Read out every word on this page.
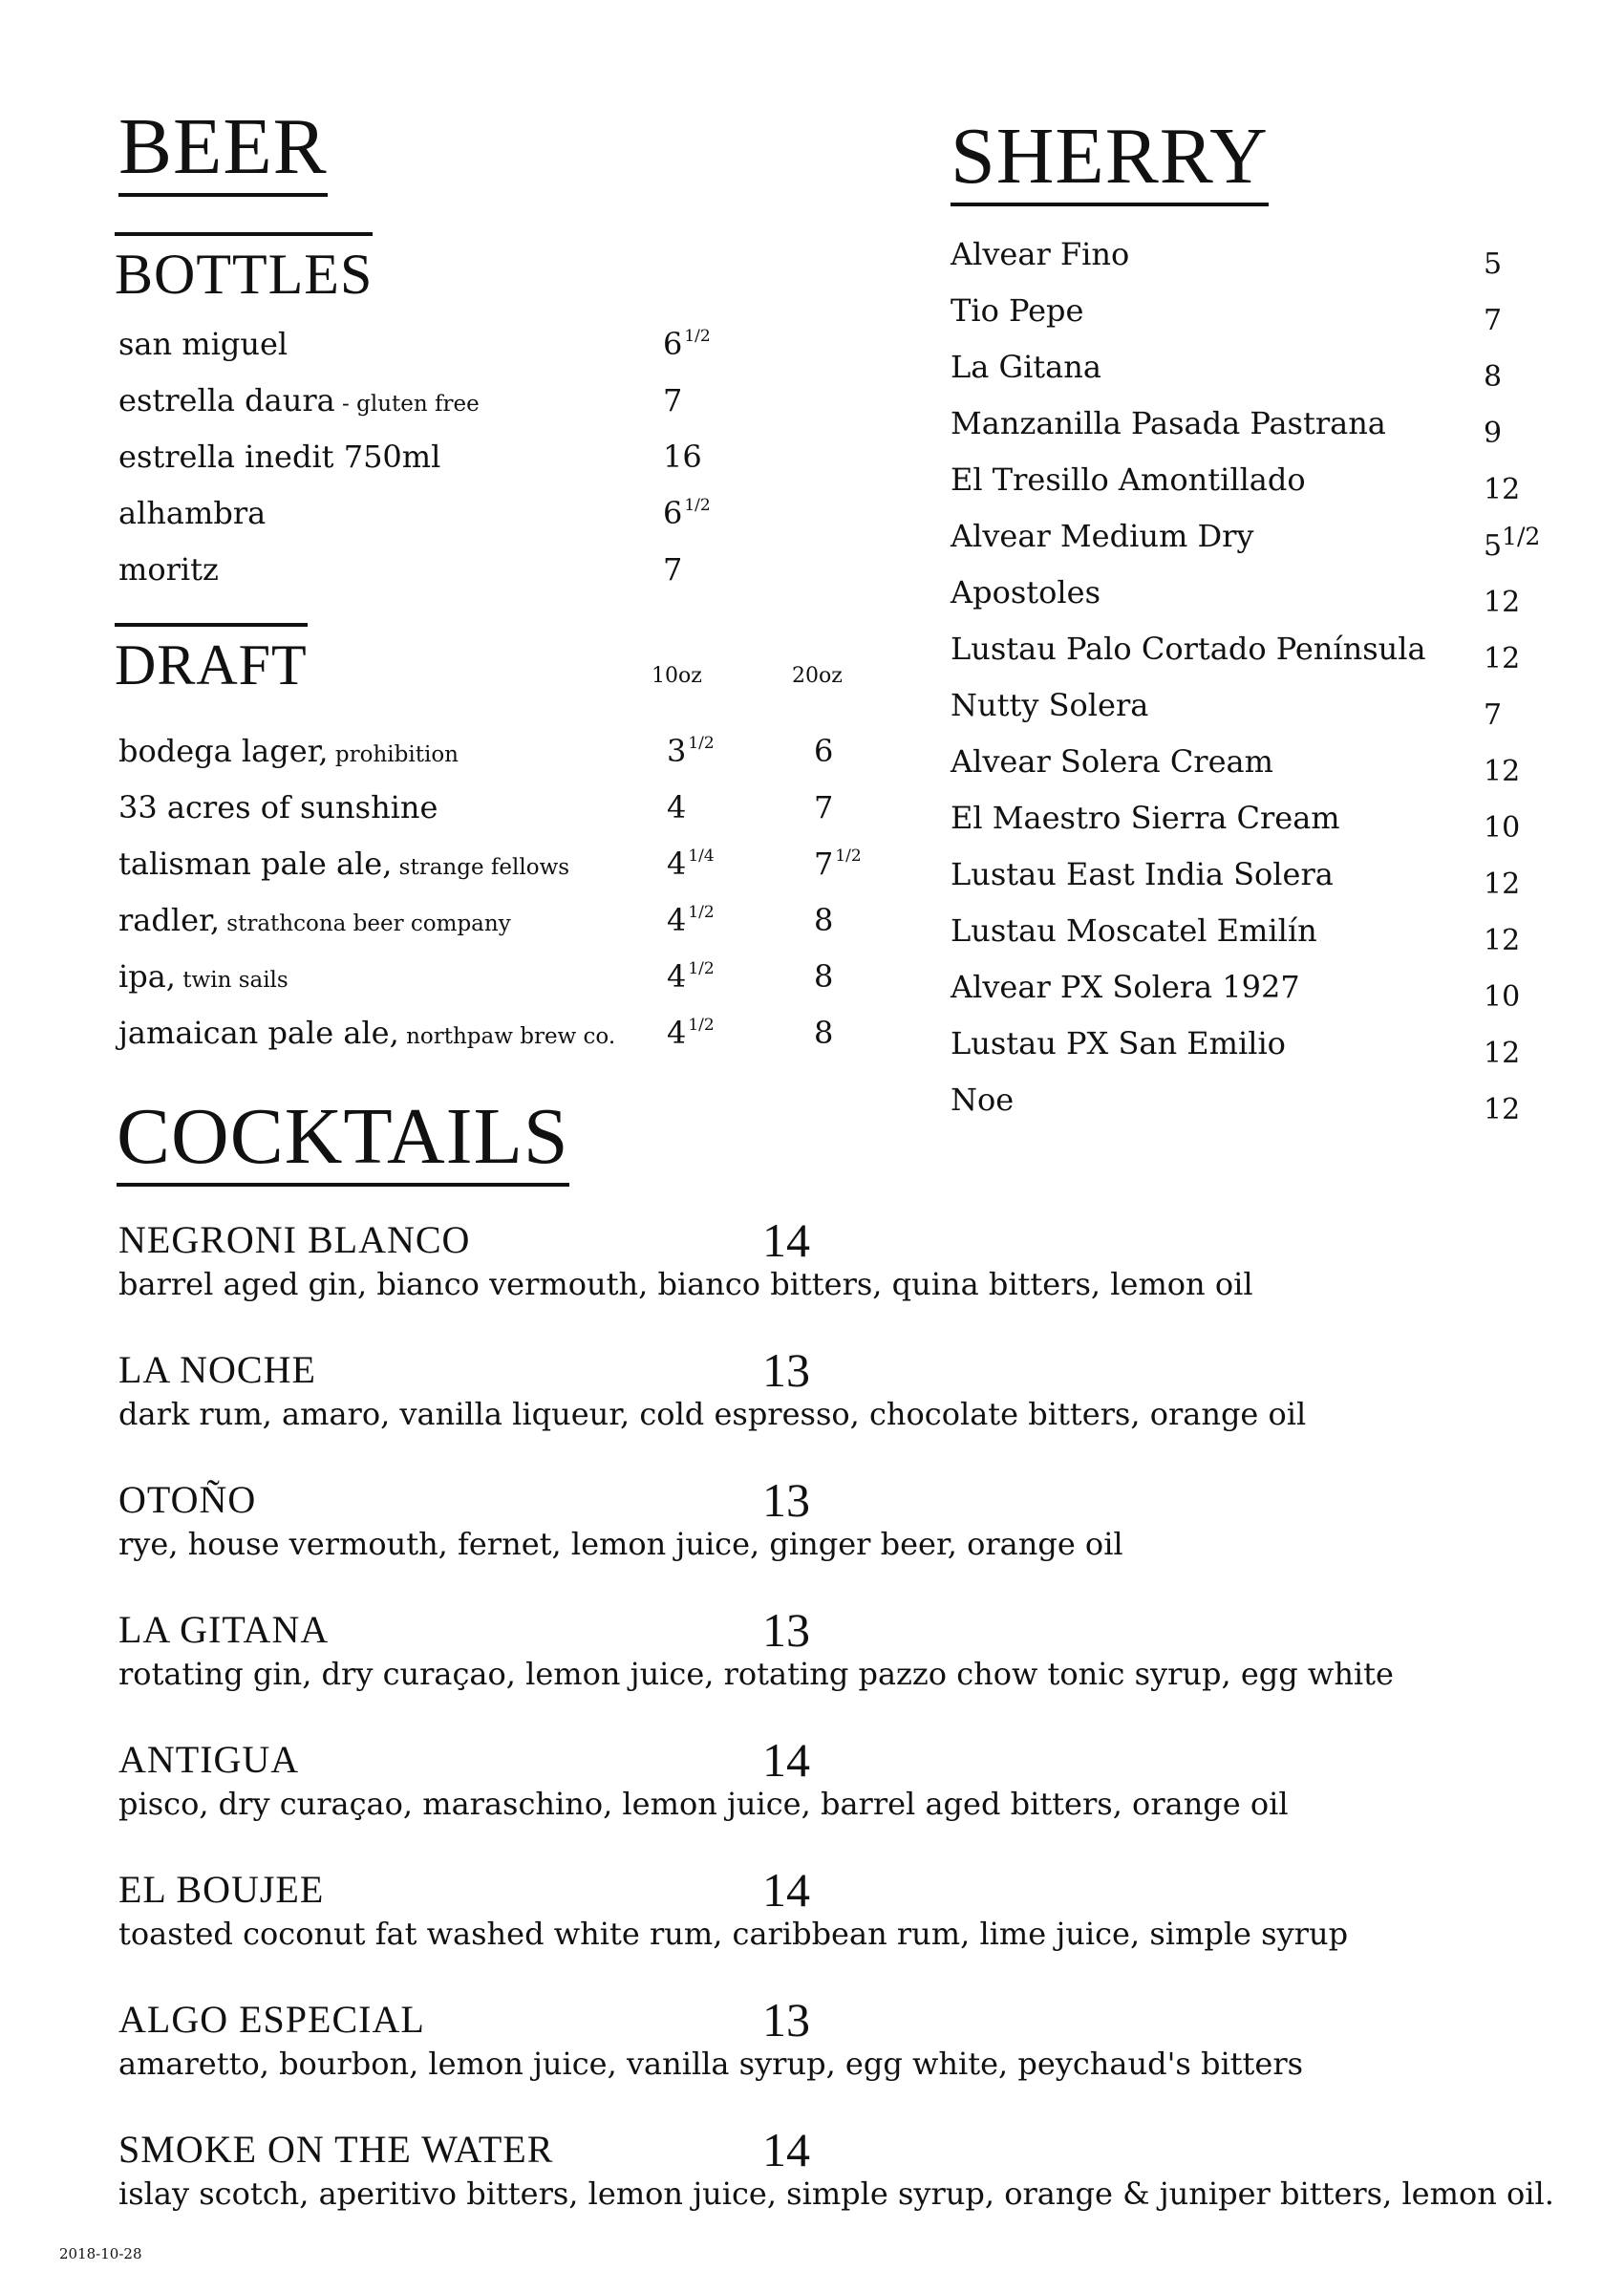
BEER
BOTTLES
san miguel	6 $^{1/2}$
estrella daura - gluten free	7
estrella inedit 750ml	16
alhambra	6 $^{1/2}$
moritz	7
DRAFT	10oz	20oz
bodega lager, prohibition	3 $^{1/2}$	6
33 acres of sunshine	4	7
talisman pale ale, strange fellows	4 $^{1/4}$	7 $^{1/2}$
radler, strathcona beer company	4 $^{1/2}$	8
ipa, twin sails	4 $^{1/2}$	8
jamaican pale ale, northpaw brew co. 4 $^{1/2}$	8
SHERRY
Alvear Fino	5
Tio Pepe	7
La Gitana	8
Manzanilla Pasada Pastrana	9
El Tresillo Amontillado	12
Alvear Medium Dry	$5^{1/2}$
Apostoles	12
Lustau Palo Cortado Península 12
Nutty Solera	7
Alvear Solera Cream	12
El Maestro Sierra Cream	10
Lustau East India Solera	12
Lustau Moscatel Emilín	12
Alvear PX Solera 1927	10
Lustau PX San Emilio	12
Noe	12
COCKTAILS
NEGRONI BLANCO	14
barrel aged gin, bianco vermouth, bianco bitters, quina bitters, lemon oil
LA NOCHE	13
dark rum, amaro, vanilla liqueur, cold espresso, chocolate bitters, orange oil
OTOÑO	13
rye, house vermouth, fernet, lemon juice, ginger beer, orange oil
LA GITANA	13
rotating gin, dry curaçao, lemon juice, rotating pazzo chow tonic syrup, egg white
ANTIGUA	14
pisco, dry curaçao, maraschino, lemon juice, barrel aged bitters, orange oil
EL BOUJEE	14
toasted coconut fat washed white rum, caribbean rum, lime juice, simple syrup
ALGO ESPECIAL	13
amaretto, bourbon, lemon juice, vanilla syrup, egg white, peychaud's bitters
SMOKE ON THE WATER	14
islay scotch, aperitivo bitters, lemon juice, simple syrup, orange & juniper bitters, lemon oil.
2018-10-28
